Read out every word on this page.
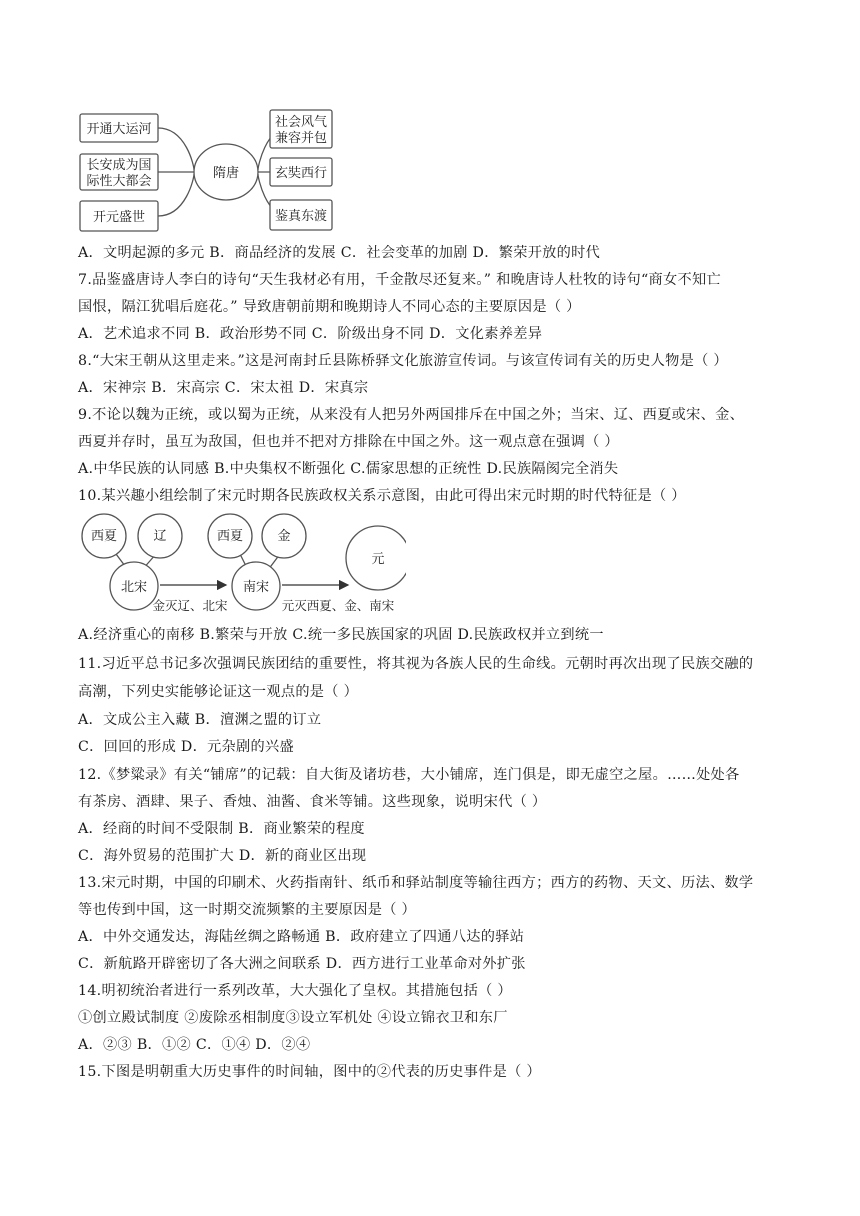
开通大运河
长安成为国
际性大都会
开元盛世
隋唐
社会风气
兼容并包
玄奘西行
鉴真东渡
A．文明起源的多元 B．商品经济的发展 C．社会变革的加剧 D．繁荣开放的时代
7.品鉴盛唐诗人李白的诗句“天生我材必有用，千金散尽还复来。” 和晚唐诗人杜牧的诗句“商女不知亡
国恨，隔江犹唱后庭花。” 导致唐朝前期和晚期诗人不同心态的主要原因是（ ）
A．艺术追求不同 B．政治形势不同 C．阶级出身不同 D．文化素养差异
8.“大宋王朝从这里走来。”这是河南封丘县陈桥驿文化旅游宣传词。与该宣传词有关的历史人物是（ ）
A．宋神宗 B．宋高宗 C．宋太祖 D．宋真宗
9.不论以魏为正统，或以蜀为正统，从来没有人把另外两国排斥在中国之外；当宋、辽、西夏或宋、金、
西夏并存时，虽互为敌国，但也并不把对方排除在中国之外。这一观点意在强调（ ）
A.中华民族的认同感 B.中央集权不断强化 C.儒家思想的正统性 D.民族隔阂完全消失
10.某兴趣小组绘制了宋元时期各民族政权关系示意图，由此可得出宋元时期的时代特征是（ ）
西夏	辽
北宋
西夏	金
南宋
元
金灭辽、北宋	元灭西夏、金、南宋
A.经济重心的南移 B.繁荣与开放 C.统一多民族国家的巩固 D.民族政权并立到统一
11.习近平总书记多次强调民族团结的重要性，将其视为各族人民的生命线。元朝时再次出现了民族交融的
高潮，下列史实能够论证这一观点的是（ ）
A．文成公主入藏 B．澶渊之盟的订立
C．回回的形成 D．元杂剧的兴盛
12.《梦粱录》有关“铺席”的记载：自大街及诸坊巷，大小铺席，连门俱是，即无虚空之屋。……处处各
有茶房、酒肆、果子、香烛、油酱、食米等铺。这些现象，说明宋代（ ）
A．经商的时间不受限制 B．商业繁荣的程度
C．海外贸易的范围扩大 D．新的商业区出现
13.宋元时期，中国的印刷术、火药指南针、纸币和驿站制度等输往西方；西方的药物、天文、历法、数学
等也传到中国，这一时期交流频繁的主要原因是（ ）
A．中外交通发达，海陆丝绸之路畅通 B．政府建立了四通八达的驿站
C．新航路开辟密切了各大洲之间联系 D．西方进行工业革命对外扩张
14.明初统治者进行一系列改革，大大强化了皇权。其措施包括（ ）
①创立殿试制度 ②废除丞相制度③设立军机处 ④设立锦衣卫和东厂
A．②③ B．①② C．①④ D．②④
15.下图是明朝重大历史事件的时间轴，图中的②代表的历史事件是（ ）
